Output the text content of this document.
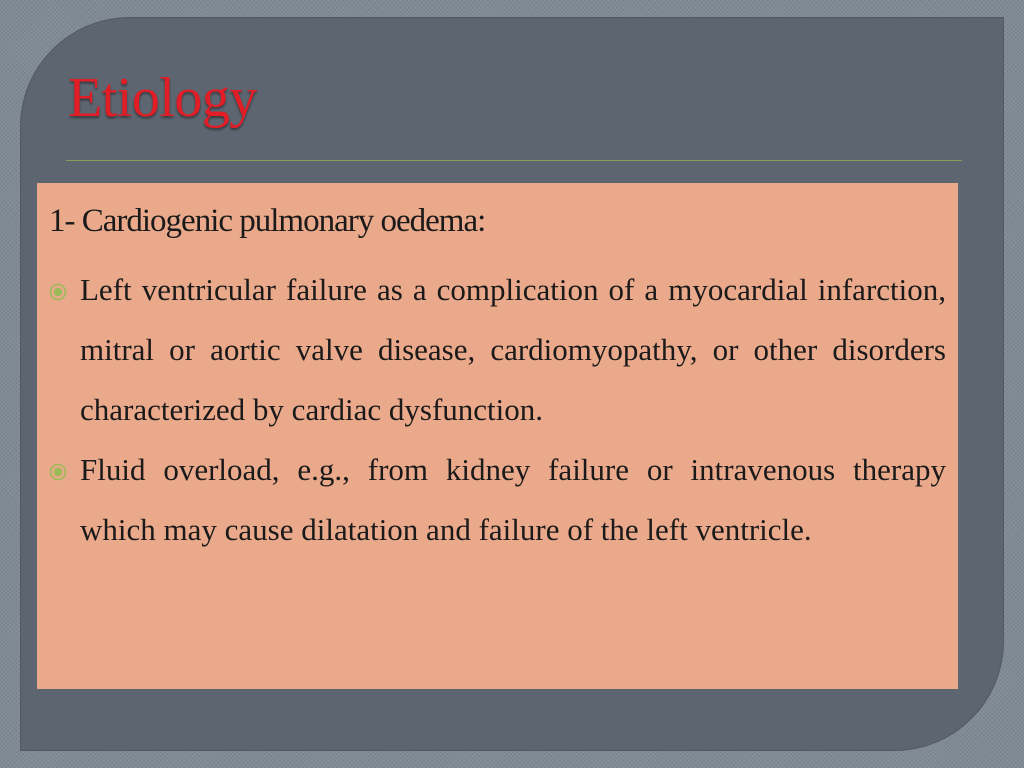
Etiology
1- Cardiogenic pulmonary oedema:
Left ventricular failure as a complication of a myocardial infarction, mitral or aortic valve disease, cardiomyopathy, or other disorders characterized by cardiac dysfunction.
Fluid overload, e.g., from kidney failure or intravenous therapy which may cause dilatation and failure of the left ventricle.
